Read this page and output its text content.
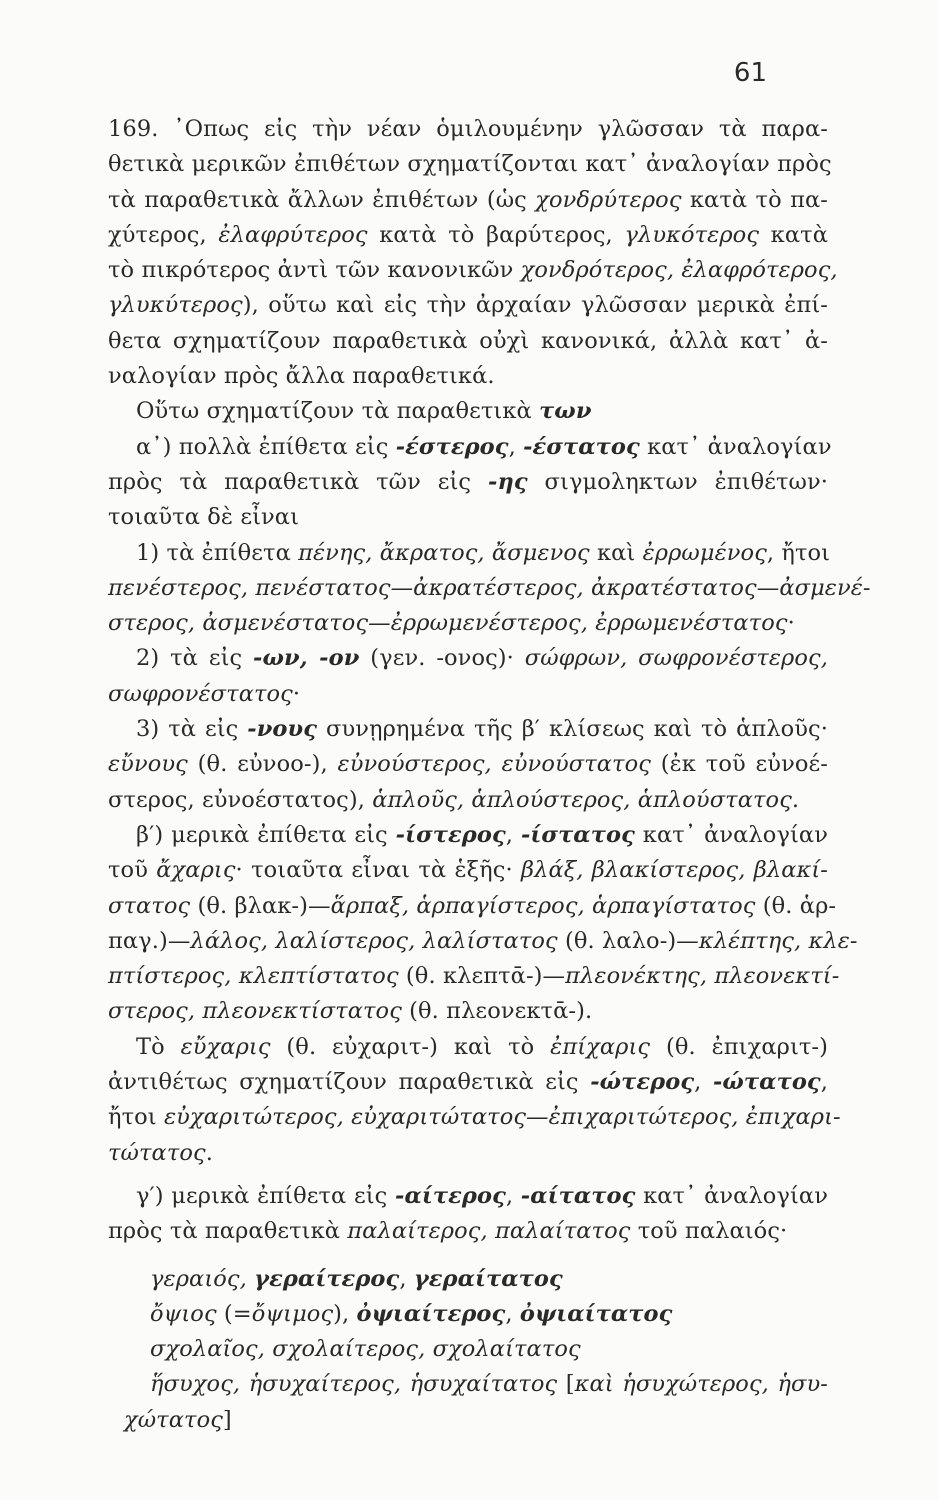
61
169. ᾿Οπως εἰς τὴν νέαν ὁμιλουμένην γλῶσσαν τὰ παρα-
θετικὰ μερικῶν ἐπιθέτων σχηματίζονται κατ᾽ ἀναλογίαν πρὸς
τὰ παραθετικὰ ἄλλων ἐπιθέτων (ὡς χονδρύτερος κατὰ τὸ πα-
χύτερος, ἐλαφρύτερος κατὰ τὸ βαρύτερος, γλυκότερος κατὰ
τὸ πικρότερος ἀντὶ τῶν κανονικῶν χονδρότερος, ἐλαφρότερος,
γλυκύτερος), οὕτω καὶ εἰς τὴν ἀρχαίαν γλῶσσαν μερικὰ ἐπί-
θετα σχηματίζουν παραθετικὰ οὐχὶ κανονικά, ἀλλὰ κατ᾽ ἀ-
ναλογίαν πρὸς ἄλλα παραθετικά.
Οὕτω σχηματίζουν τὰ παραθετικὰ των
α᾽) πολλὰ ἐπίθετα εἰς -έστερος, -έστατος κατ᾽ ἀναλογίαν
πρὸς τὰ παραθετικὰ τῶν εἰς -ης σιγμοληκτων ἐπιθέτων·
τοιαῦτα δὲ εἶναι
1) τὰ ἐπίθετα πένης, ἄκρατος, ἄσμενος καὶ ἐρρωμένος, ἤτοι
πενέστερος, πενέστατος—ἀκρατέστερος, ἀκρατέστατος—ἀσμενέ-
στερος, ἀσμενέστατος—ἐρρωμενέστερος, ἐρρωμενέστατος·
2) τὰ εἰς -ων, -ον (γεν. -ονος)· σώφρων, σωφρονέστερος,
σωφρονέστατος·
3) τὰ εἰς -νους συνῃρημένα τῆς β′ κλίσεως καὶ τὸ ἁπλοῦς·
εὔνους (θ. εὐνοο-), εὐνούστερος, εὐνούστατος (ἐκ τοῦ εὐνοέ-
στερος, εὐνοέστατος), ἁπλοῦς, ἁπλούστερος, ἁπλούστατος.
β′) μερικὰ ἐπίθετα εἰς -ίστερος, -ίστατος κατ᾽ ἀναλογίαν
τοῦ ἄχαρις· τοιαῦτα εἶναι τὰ ἑξῆς· βλάξ, βλακίστερος, βλακί-
στατος (θ. βλακ-)—ἅρπαξ, ἁρπαγίστερος, ἁρπαγίστατος (θ. ἁρ-
παγ.)—λάλος, λαλίστερος, λαλίστατος (θ. λαλο-)—κλέπτης, κλε-
πτίστερος, κλεπτίστατος (θ. κλεπτᾱ-)—πλεονέκτης, πλεονεκτί-
στερος, πλεονεκτίστατος (θ. πλεονεκτᾱ-).
Τὸ εὔχαρις (θ. εὐχαριτ-) καὶ τὸ ἐπίχαρις (θ. ἐπιχαριτ-)
ἀντιθέτως σχηματίζουν παραθετικὰ εἰς -ώτερος, -ώτατος,
ἤτοι εὐχαριτώτερος, εὐχαριτώτατος—ἐπιχαριτώτερος, ἐπιχαρι-
τώτατος.
γ′) μερικὰ ἐπίθετα εἰς -αίτερος, -αίτατος κατ᾽ ἀναλογίαν
πρὸς τὰ παραθετικὰ παλαίτερος, παλαίτατος τοῦ παλαιός·
γεραιός, γεραίτερος, γεραίτατος
ὄψιος (=ὄψιμος), ὀψιαίτερος, ὀψιαίτατος
σχολαῖος, σχολαίτερος, σχολαίτατος
ἥσυχος, ἡσυχαίτερος, ἡσυχαίτατος [καὶ ἡσυχώτερος, ἡσυ-
χώτατος]
